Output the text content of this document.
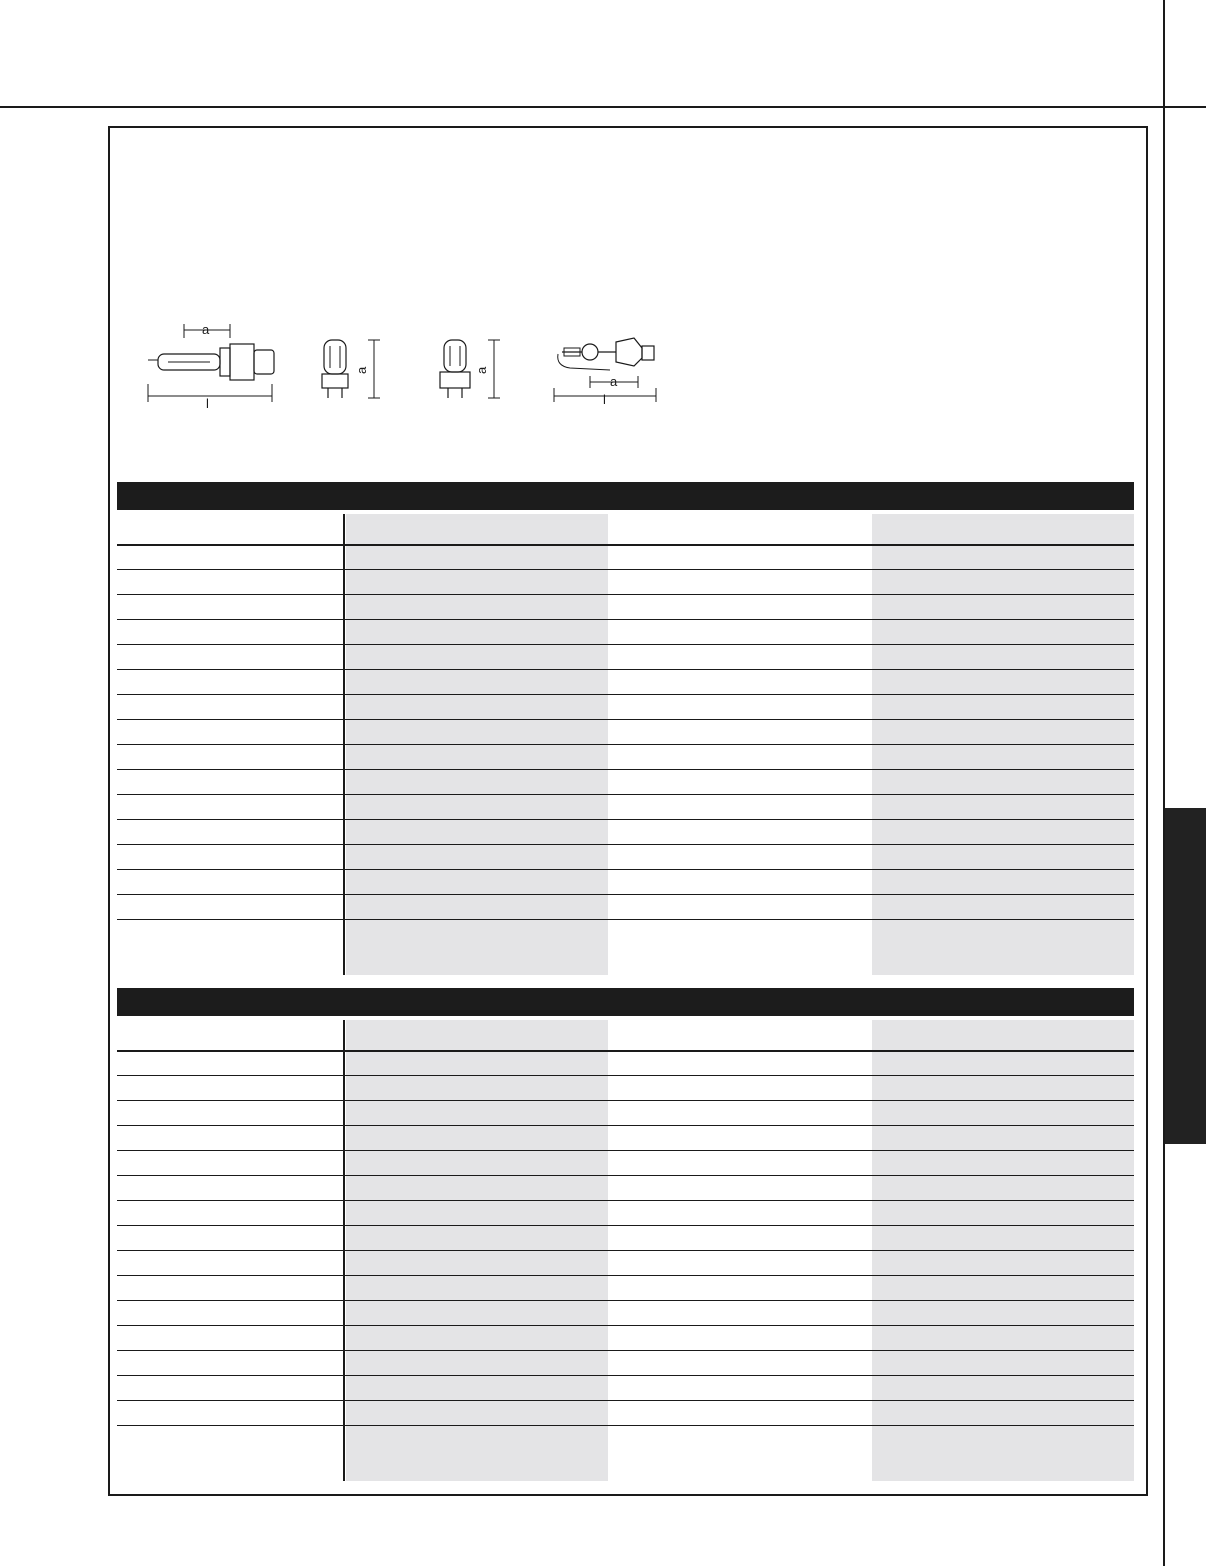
a
l
a	a
a
l
